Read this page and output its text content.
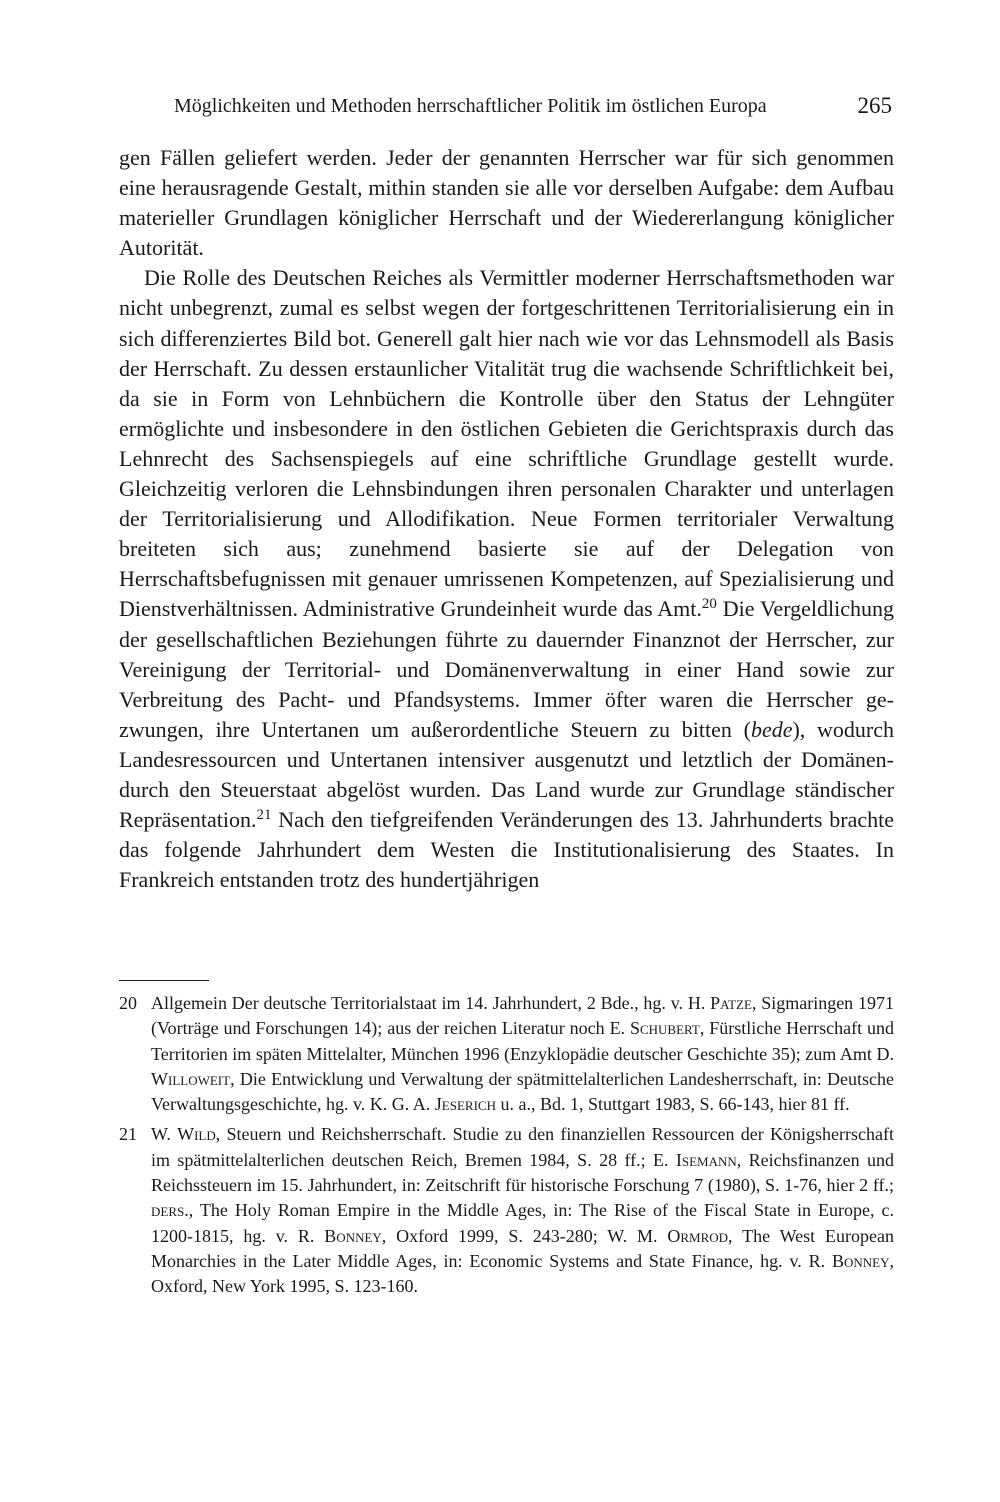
Möglichkeiten und Methoden herrschaftlicher Politik im östlichen Europa	265

gen Fällen geliefert werden. Jeder der genannten Herrscher war für sich genommen eine herausragende Gestalt, mithin standen sie alle vor derselben Aufgabe: dem Aufbau materieller Grundlagen königlicher Herrschaft und der Wiedererlangung königlicher Autorität.

Die Rolle des Deutschen Reiches als Vermittler moderner Herrschaftsmethoden war nicht unbegrenzt, zumal es selbst wegen der fortgeschrittenen Territorialisierung ein in sich differenziertes Bild bot. Generell galt hier nach wie vor das Lehnsmodell als Basis der Herrschaft. Zu dessen erstaunlicher Vitalität trug die wachsende Schriftlichkeit bei, da sie in Form von Lehnbüchern die Kontrolle über den Status der Lehngüter ermöglichte und insbesondere in den östlichen Gebieten die Gerichtspraxis durch das Lehnrecht des Sachsenspiegels auf eine schriftliche Grundlage gestellt wurde. Gleichzeitig verloren die Lehnsbindungen ihren personalen Charakter und unterlagen der Territorialisierung und Allodifikation. Neue Formen territorialer Verwaltung breiteten sich aus; zunehmend basierte sie auf der Delegation von Herrschaftsbefugnissen mit genauer umrissenen Kompetenzen, auf Spezialisierung und Dienstverhältnissen. Administrative Grundeinheit wurde das Amt.$^{20}$ Die Vergeldlichung der gesellschaftlichen Beziehungen führte zu dauernder Finanznot der Herrscher, zur Vereinigung der Territorial- und Domänenverwaltung in einer Hand sowie zur Verbreitung des Pacht- und Pfandsystems. Immer öfter waren die Herrscher gezwungen, ihre Untertanen um außerordentliche Steuern zu bitten (bede), wodurch Landesressourcen und Untertanen intensiver ausgenutzt und letztlich der Domänen- durch den Steuerstaat abgelöst wurden. Das Land wurde zur Grundlage ständischer Repräsentation.$^{21}$ Nach den tiefgreifenden Veränderungen des 13. Jahrhunderts brachte das folgende Jahrhundert dem Westen die Institutionalisierung des Staates. In Frankreich entstanden trotz des hundertjährigen

20 Allgemein Der deutsche Territorialstaat im 14. Jahrhundert, 2 Bde., hg. v. H. Patze, Sigmaringen 1971 (Vorträge und Forschungen 14); aus der reichen Literatur noch E. Schubert, Fürstliche Herrschaft und Territorien im späten Mittelalter, München 1996 (Enzyklopädie deutscher Geschichte 35); zum Amt D. Willoweit, Die Entwicklung und Verwaltung der spätmittelalterlichen Landesherrschaft, in: Deutsche Verwaltungsgeschichte, hg. v. K. G. A. Jeserich u. a., Bd. 1, Stuttgart 1983, S. 66-143, hier 81 ff.
21 W. Wild, Steuern und Reichsherrschaft. Studie zu den finanziellen Ressourcen der Königsherrschaft im spätmittelalterlichen deutschen Reich, Bremen 1984, S. 28 ff.; E. Isemann, Reichsfinanzen und Reichssteuern im 15. Jahrhundert, in: Zeitschrift für historische Forschung 7 (1980), S. 1-76, hier 2 ff.; ders., The Holy Roman Empire in the Middle Ages, in: The Rise of the Fiscal State in Europe, c. 1200-1815, hg. v. R. Bonney, Oxford 1999, S. 243-280; W. M. Ormrod, The West European Monarchies in the Later Middle Ages, in: Economic Systems and State Finance, hg. v. R. Bonney, Oxford, New York 1995, S. 123-160.
